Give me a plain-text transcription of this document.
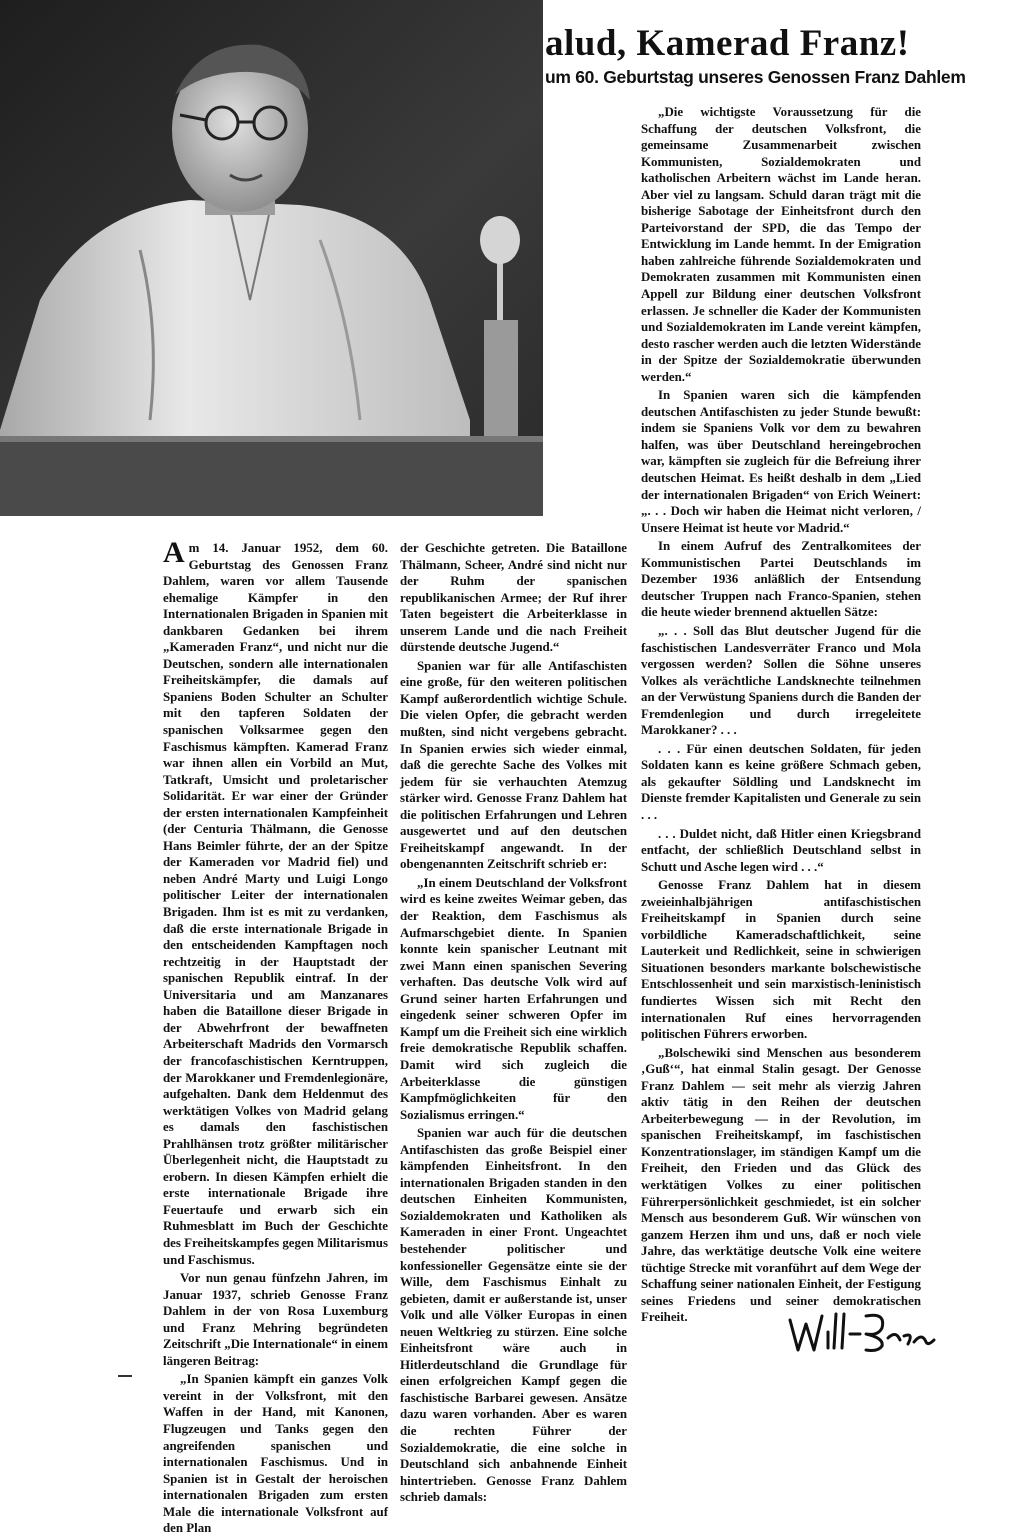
alud, Kamerad Franz!
um 60. Geburtstag unseres Genossen Franz Dahlem

Am 14. Januar 1952, dem 60. Geburtstag des Genossen Franz Dahlem, waren vor allem Tausende ehemalige Kämpfer in den Internationalen Brigaden in Spanien mit dankbaren Gedanken bei ihrem „Kameraden Franz“, und nicht nur die Deutschen, sondern alle internationalen Freiheitskämpfer, die damals auf Spaniens Boden Schulter an Schulter mit den tapferen Soldaten der spanischen Volksarmee gegen den Faschismus kämpften. Kamerad Franz war ihnen allen ein Vorbild an Mut, Tatkraft, Umsicht und proletarischer Solidarität. Er war einer der Gründer der ersten internationalen Kampfeinheit (der Centuria Thälmann, die Genosse Hans Beimler führte, der an der Spitze der Kameraden vor Madrid fiel) und neben André Marty und Luigi Longo politischer Leiter der internationalen Brigaden. Ihm ist es mit zu verdanken, daß die erste internationale Brigade in den entscheidenden Kampftagen noch rechtzeitig in der Hauptstadt der spanischen Republik eintraf. In der Universitaria und am Manzanares haben die Bataillone dieser Brigade in der Abwehrfront der bewaffneten Arbeiterschaft Madrids den Vormarsch der francofaschistischen Kerntruppen, der Marokkaner und Fremdenlegionäre, aufgehalten. Dank dem Heldenmut des werktätigen Volkes von Madrid gelang es damals den faschistischen Prahlhänsen trotz größter militärischer Überlegenheit nicht, die Hauptstadt zu erobern. In diesen Kämpfen erhielt die erste internationale Brigade ihre Feuertaufe und erwarb sich ein Ruhmesblatt im Buch der Geschichte des Freiheitskampfes gegen Militarismus und Faschismus.

Vor nun genau fünfzehn Jahren, im Januar 1937, schrieb Genosse Franz Dahlem in der von Rosa Luxemburg und Franz Mehring begründeten Zeitschrift „Die Internationale“ in einem längeren Beitrag:

„In Spanien kämpft ein ganzes Volk vereint in der Volksfront, mit den Waffen in der Hand, mit Kanonen, Flugzeugen und Tanks gegen den angreifenden spanischen und internationalen Faschismus. Und in Spanien ist in Gestalt der heroischen internationalen Brigaden zum ersten Male die internationale Volksfront auf den Plan

der Geschichte getreten. Die Bataillone Thälmann, Scheer, André sind nicht nur der Ruhm der spanischen republikanischen Armee; der Ruf ihrer Taten begeistert die Arbeiterklasse in unserem Lande und die nach Freiheit dürstende deutsche Jugend.“

Spanien war für alle Antifaschisten eine große, für den weiteren politischen Kampf außerordentlich wichtige Schule. Die vielen Opfer, die gebracht werden mußten, sind nicht vergebens gebracht. In Spanien erwies sich wieder einmal, daß die gerechte Sache des Volkes mit jedem für sie verhauchten Atemzug stärker wird. Genosse Franz Dahlem hat die politischen Erfahrungen und Lehren ausgewertet und auf den deutschen Freiheitskampf angewandt. In der obengenannten Zeitschrift schrieb er:

„In einem Deutschland der Volksfront wird es keine zweites Weimar geben, das der Reaktion, dem Faschismus als Aufmarschgebiet diente. In Spanien konnte kein spanischer Leutnant mit zwei Mann einen spanischen Severing verhaften. Das deutsche Volk wird auf Grund seiner harten Erfahrungen und eingedenk seiner schweren Opfer im Kampf um die Freiheit sich eine wirklich freie demokratische Republik schaffen. Damit wird sich zugleich die Arbeiterklasse die günstigen Kampfmöglichkeiten für den Sozialismus erringen.“

Spanien war auch für die deutschen Antifaschisten das große Beispiel einer kämpfenden Einheitsfront. In den internationalen Brigaden standen in den deutschen Einheiten Kommunisten, Sozialdemokraten und Katholiken als Kameraden in einer Front. Ungeachtet bestehender politischer und konfessioneller Gegensätze einte sie der Wille, dem Faschismus Einhalt zu gebieten, damit er außerstande ist, unser Volk und alle Völker Europas in einen neuen Weltkrieg zu stürzen. Eine solche Einheitsfront wäre auch in Hitlerdeutschland die Grundlage für einen erfolgreichen Kampf gegen die faschistische Barbarei gewesen. Ansätze dazu waren vorhanden. Aber es waren die rechten Führer der Sozialdemokratie, die eine solche in Deutschland sich anbahnende Einheit hintertrieben. Genosse Franz Dahlem schrieb damals:

„Die wichtigste Voraussetzung für die Schaffung der deutschen Volksfront, die gemeinsame Zusammenarbeit zwischen Kommunisten, Sozialdemokraten und katholischen Arbeitern wächst im Lande heran. Aber viel zu langsam. Schuld daran trägt mit die bisherige Sabotage der Einheitsfront durch den Parteivorstand der SPD, die das Tempo der Entwicklung im Lande hemmt. In der Emigration haben zahlreiche führende Sozialdemokraten und Demokraten zusammen mit Kommunisten einen Appell zur Bildung einer deutschen Volksfront erlassen. Je schneller die Kader der Kommunisten und Sozialdemokraten im Lande vereint kämpfen, desto rascher werden auch die letzten Widerstände in der Spitze der Sozialdemokratie überwunden werden.“

In Spanien waren sich die kämpfenden deutschen Antifaschisten zu jeder Stunde bewußt: indem sie Spaniens Volk vor dem zu bewahren halfen, was über Deutschland hereingebrochen war, kämpften sie zugleich für die Befreiung ihrer deutschen Heimat. Es heißt deshalb in dem „Lied der internationalen Brigaden“ von Erich Weinert: „. . . Doch wir haben die Heimat nicht verloren, / Unsere Heimat ist heute vor Madrid.“

In einem Aufruf des Zentralkomitees der Kommunistischen Partei Deutschlands im Dezember 1936 anläßlich der Entsendung deutscher Truppen nach Franco-Spanien, stehen die heute wieder brennend aktuellen Sätze:

„. . . Soll das Blut deutscher Jugend für die faschistischen Landesverräter Franco und Mola vergossen werden? Sollen die Söhne unseres Volkes als verächtliche Landsknechte teilnehmen an der Verwüstung Spaniens durch die Banden der Fremdenlegion und durch irregeleitete Marokkaner? . . .

. . . Für einen deutschen Soldaten, für jeden Soldaten kann es keine größere Schmach geben, als gekaufter Söldling und Landsknecht im Dienste fremder Kapitalisten und Generale zu sein . . .

. . . Duldet nicht, daß Hitler einen Kriegsbrand entfacht, der schließlich Deutschland selbst in Schutt und Asche legen wird . . .“

Genosse Franz Dahlem hat in diesem zweieinhalbjährigen antifaschistischen Freiheitskampf in Spanien durch seine vorbildliche Kameradschaftlichkeit, seine Lauterkeit und Redlichkeit, seine in schwierigen Situationen besonders markante bolschewistische Entschlossenheit und sein marxistisch-leninistisch fundiertes Wissen sich mit Recht den internationalen Ruf eines hervorragenden politischen Führers erworben.

„Bolschewiki sind Menschen aus besonderem ‚Guß‘“, hat einmal Stalin gesagt. Der Genosse Franz Dahlem — seit mehr als vierzig Jahren aktiv tätig in den Reihen der deutschen Arbeiterbewegung — in der Revolution, im spanischen Freiheitskampf, im faschistischen Konzentrationslager, im ständigen Kampf um die Freiheit, den Frieden und das Glück des werktätigen Volkes zu einer politischen Führerpersönlichkeit geschmiedet, ist ein solcher Mensch aus besonderem Guß. Wir wünschen von ganzem Herzen ihm und uns, daß er noch viele Jahre, das werktätige deutsche Volk eine weitere tüchtige Strecke mit voranführt auf dem Wege der Schaffung seiner nationalen Einheit, der Festigung seines Friedens und seiner demokratischen Freiheit.
